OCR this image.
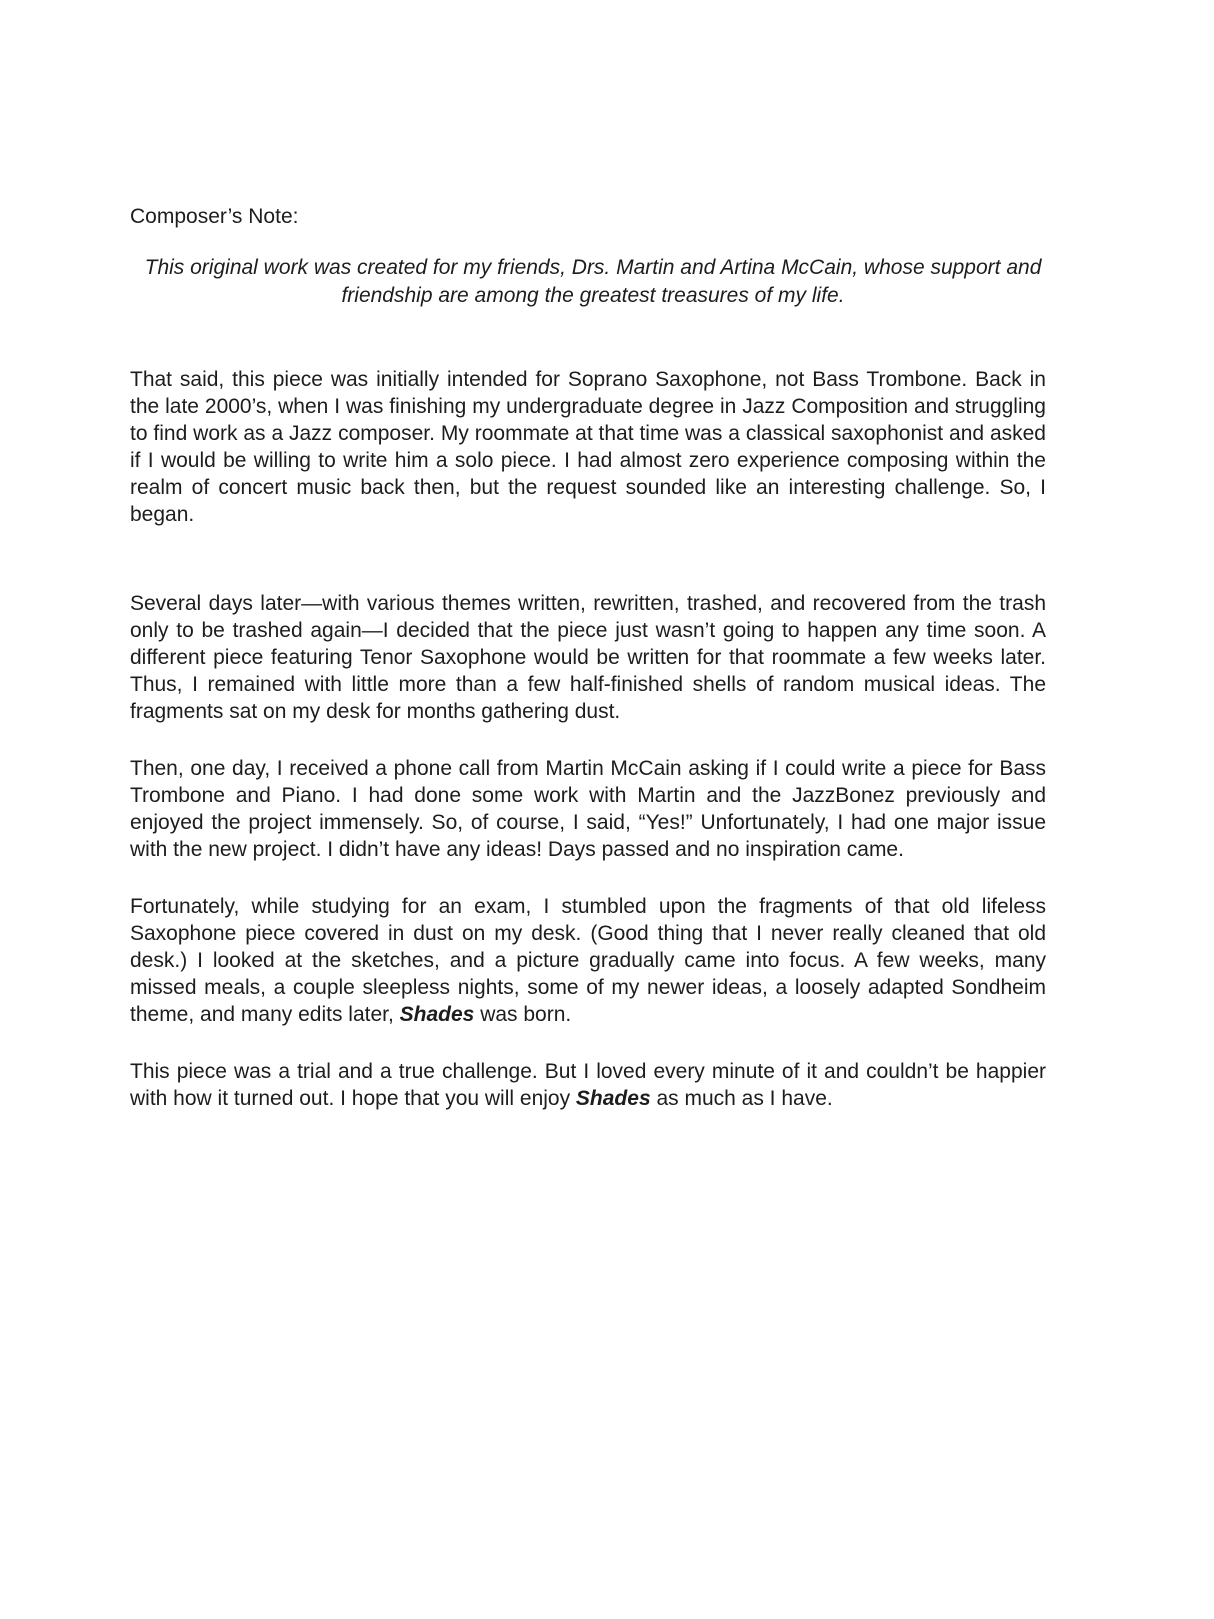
Composer’s Note:

This original work was created for my friends, Drs. Martin and Artina McCain, whose support and friendship are among the greatest treasures of my life.

That said, this piece was initially intended for Soprano Saxophone, not Bass Trombone. Back in the late 2000’s, when I was finishing my undergraduate degree in Jazz Composition and struggling to find work as a Jazz composer. My roommate at that time was a classical saxophonist and asked if I would be willing to write him a solo piece. I had almost zero experience composing within the realm of concert music back then, but the request sounded like an interesting challenge. So, I began.

Several days later—with various themes written, rewritten, trashed, and recovered from the trash only to be trashed again—I decided that the piece just wasn’t going to happen any time soon. A different piece featuring Tenor Saxophone would be written for that roommate a few weeks later. Thus, I remained with little more than a few half-finished shells of random musical ideas. The fragments sat on my desk for months gathering dust.

Then, one day, I received a phone call from Martin McCain asking if I could write a piece for Bass Trombone and Piano. I had done some work with Martin and the JazzBonez previously and enjoyed the project immensely. So, of course, I said, “Yes!” Unfortunately, I had one major issue with the new project. I didn’t have any ideas! Days passed and no inspiration came.

Fortunately, while studying for an exam, I stumbled upon the fragments of that old lifeless Saxophone piece covered in dust on my desk. (Good thing that I never really cleaned that old desk.) I looked at the sketches, and a picture gradually came into focus. A few weeks, many missed meals, a couple sleepless nights, some of my newer ideas, a loosely adapted Sondheim theme, and many edits later, Shades was born.

This piece was a trial and a true challenge. But I loved every minute of it and couldn’t be happier with how it turned out. I hope that you will enjoy Shades as much as I have.
